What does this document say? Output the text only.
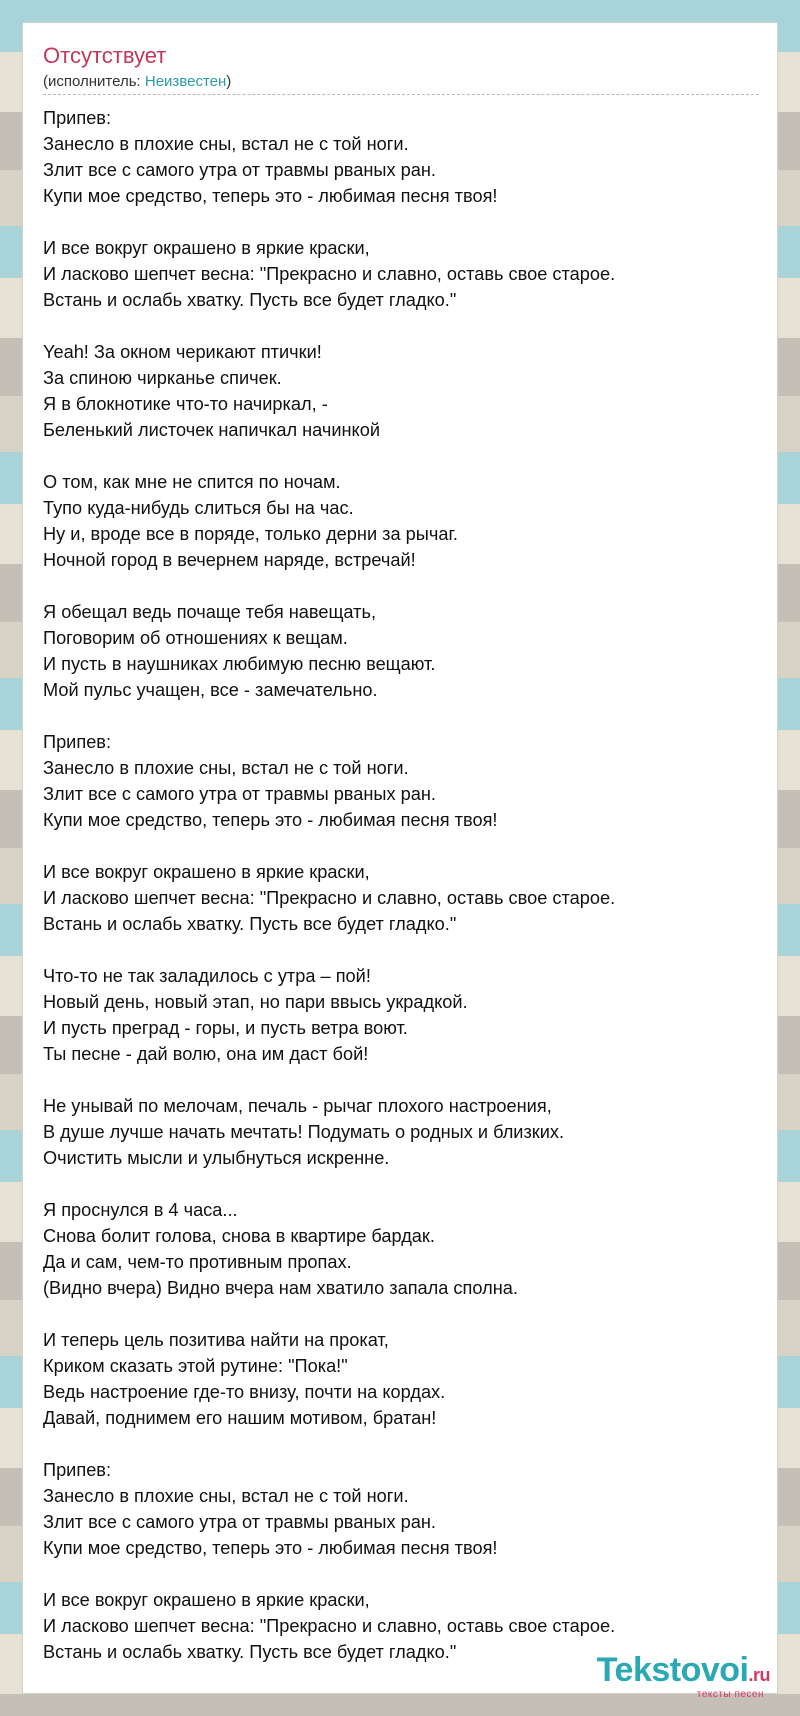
Отсутствует
(исполнитель: Неизвестен)
Припев:
Занесло в плохие сны, встал не с той ноги.
Злит все с самого утра от травмы рваных ран.
Купи мое средство, теперь это - любимая песня твоя!

И все вокруг окрашено в яркие краски,
И ласково шепчет весна: "Прекрасно и славно, оставь свое старое.
Встань и ослабь хватку. Пусть все будет гладко."

Yeah! За окном черикают птички!
За спиною чирканье спичек.
Я в блокнотике что-то начиркал, -
Беленький листочек напичкал начинкой

О том, как мне не спится по ночам.
Тупо куда-нибудь слиться бы на час.
Ну и, вроде все в поряде, только дерни за рычаг.
Ночной город в вечернем наряде, встречай!

Я обещал ведь почаще тебя навещать,
Поговорим об отношениях к вещам.
И пусть в наушниках любимую песню вещают.
Мой пульс учащен, все - замечательно.

Припев:
Занесло в плохие сны, встал не с той ноги.
Злит все с самого утра от травмы рваных ран.
Купи мое средство, теперь это - любимая песня твоя!

И все вокруг окрашено в яркие краски,
И ласково шепчет весна: "Прекрасно и славно, оставь свое старое.
Встань и ослабь хватку. Пусть все будет гладко."

Что-то не так заладилось с утра – пой!
Новый день, новый этап, но пари ввысь украдкой.
И пусть преград - горы, и пусть ветра воют.
Ты песне - дай волю, она им даст бой!

Не унывай по мелочам, печаль - рычаг плохого настроения,
В душе лучше начать мечтать! Подумать о родных и близких.
Очистить мысли и улыбнуться искренне.

Я проснулся в 4 часа...
Снова болит голова, снова в квартире бардак.
Да и сам, чем-то противным пропах.
(Видно вчера) Видно вчера нам хватило запала сполна.

И теперь цель позитива найти на прокат,
Криком сказать этой рутине: "Пока!"
Ведь настроение где-то внизу, почти на кордах.
Давай, поднимем его нашим мотивом, братан!

Припев:
Занесло в плохие сны, встал не с той ноги.
Злит все с самого утра от травмы рваных ран.
Купи мое средство, теперь это - любимая песня твоя!

И все вокруг окрашено в яркие краски,
И ласково шепчет весна: "Прекрасно и славно, оставь свое старое.
Встань и ослабь хватку. Пусть все будет гладко."	Tekstovoi.ru
тексты песен
